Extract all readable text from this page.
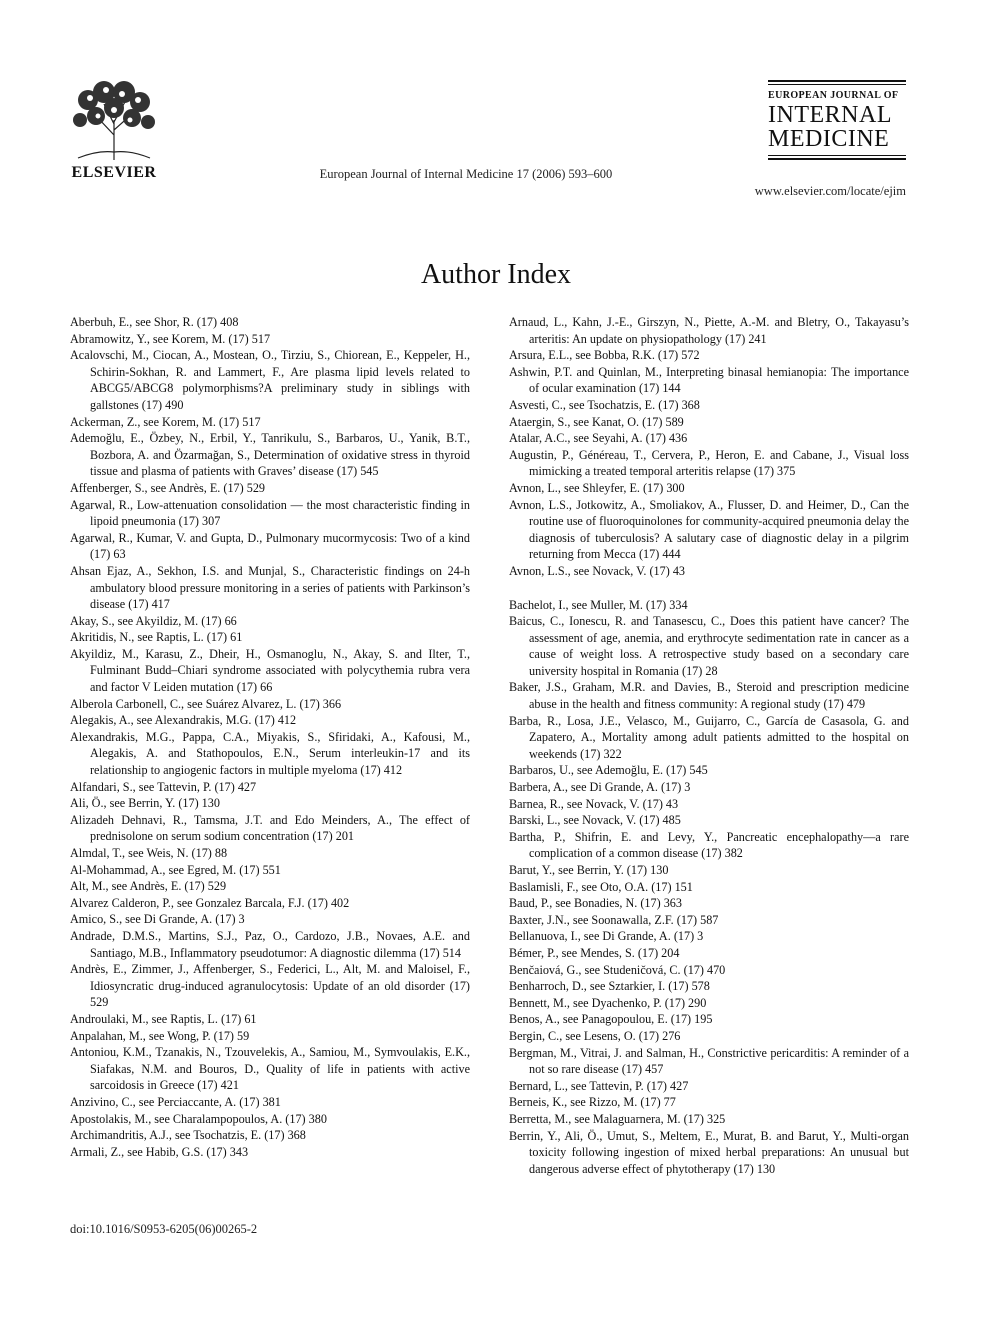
ELSEVIER	European Journal of Internal Medicine 17 (2006) 593–600
EUROPEAN JOURNAL OF
INTERNAL
MEDICINE
www.elsevier.com/locate/ejim
Author Index

Aberbuh, E., see Shor, R. (17) 408

Abramowitz, Y., see Korem, M. (17) 517

Acalovschi, M., Ciocan, A., Mostean, O., Tirziu, S., Chiorean, E., Keppeler, H., Schirin-Sokhan, R. and Lammert, F., Are plasma lipid levels related to ABCG5/ABCG8 polymorphisms?A preliminary study in siblings with gallstones (17) 490

Ackerman, Z., see Korem, M. (17) 517

Ademoğlu, E., Özbey, N., Erbil, Y., Tanrikulu, S., Barbaros, U., Yanik, B.T., Bozbora, A. and Özarmağan, S., Determination of oxidative stress in thyroid tissue and plasma of patients with Graves’ disease (17) 545

Affenberger, S., see Andrès, E. (17) 529

Agarwal, R., Low-attenuation consolidation — the most characteristic finding in lipoid pneumonia (17) 307

Agarwal, R., Kumar, V. and Gupta, D., Pulmonary mucormycosis: Two of a kind (17) 63

Ahsan Ejaz, A., Sekhon, I.S. and Munjal, S., Characteristic findings on 24-h ambulatory blood pressure monitoring in a series of patients with Parkinson’s disease (17) 417

Akay, S., see Akyildiz, M. (17) 66

Akritidis, N., see Raptis, L. (17) 61

Akyildiz, M., Karasu, Z., Dheir, H., Osmanoglu, N., Akay, S. and Ilter, T., Fulminant Budd–Chiari syndrome associated with polycythemia rubra vera and factor V Leiden mutation (17) 66

Alberola Carbonell, C., see Suárez Alvarez, L. (17) 366

Alegakis, A., see Alexandrakis, M.G. (17) 412

Alexandrakis, M.G., Pappa, C.A., Miyakis, S., Sfiridaki, A., Kafousi, M., Alegakis, A. and Stathopoulos, E.N., Serum interleukin-17 and its relationship to angiogenic factors in multiple myeloma (17) 412

Alfandari, S., see Tattevin, P. (17) 427

Ali, Ö., see Berrin, Y. (17) 130

Alizadeh Dehnavi, R., Tamsma, J.T. and Edo Meinders, A., The effect of prednisolone on serum sodium concentration (17) 201

Almdal, T., see Weis, N. (17) 88

Al-Mohammad, A., see Egred, M. (17) 551

Alt, M., see Andrès, E. (17) 529

Alvarez Calderon, P., see Gonzalez Barcala, F.J. (17) 402

Amico, S., see Di Grande, A. (17) 3

Andrade, D.M.S., Martins, S.J., Paz, O., Cardozo, J.B., Novaes, A.E. and Santiago, M.B., Inflammatory pseudotumor: A diagnostic dilemma (17) 514

Andrès, E., Zimmer, J., Affenberger, S., Federici, L., Alt, M. and Maloisel, F., Idiosyncratic drug-induced agranulocytosis: Update of an old disorder (17) 529

Androulaki, M., see Raptis, L. (17) 61

Anpalahan, M., see Wong, P. (17) 59

Antoniou, K.M., Tzanakis, N., Tzouvelekis, A., Samiou, M., Symvoulakis, E.K., Siafakas, N.M. and Bouros, D., Quality of life in patients with active sarcoidosis in Greece (17) 421

Anzivino, C., see Perciaccante, A. (17) 381

Apostolakis, M., see Charalampopoulos, A. (17) 380

Archimandritis, A.J., see Tsochatzis, E. (17) 368

Armali, Z., see Habib, G.S. (17) 343

Arnaud, L., Kahn, J.-E., Girszyn, N., Piette, A.-M. and Bletry, O., Takayasu’s arteritis: An update on physiopathology (17) 241

Arsura, E.L., see Bobba, R.K. (17) 572

Ashwin, P.T. and Quinlan, M., Interpreting binasal hemianopia: The importance of ocular examination (17) 144

Asvesti, C., see Tsochatzis, E. (17) 368

Ataergin, S., see Kanat, O. (17) 589

Atalar, A.C., see Seyahi, A. (17) 436

Augustin, P., Généreau, T., Cervera, P., Heron, E. and Cabane, J., Visual loss mimicking a treated temporal arteritis relapse (17) 375

Avnon, L., see Shleyfer, E. (17) 300

Avnon, L.S., Jotkowitz, A., Smoliakov, A., Flusser, D. and Heimer, D., Can the routine use of fluoroquinolones for community-acquired pneumonia delay the diagnosis of tuberculosis? A salutary case of diagnostic delay in a pilgrim returning from Mecca (17) 444

Avnon, L.S., see Novack, V. (17) 43

Bachelot, I., see Muller, M. (17) 334

Baicus, C., Ionescu, R. and Tanasescu, C., Does this patient have cancer? The assessment of age, anemia, and erythrocyte sedimentation rate in cancer as a cause of weight loss. A retrospective study based on a secondary care university hospital in Romania (17) 28

Baker, J.S., Graham, M.R. and Davies, B., Steroid and prescription medicine abuse in the health and fitness community: A regional study (17) 479

Barba, R., Losa, J.E., Velasco, M., Guijarro, C., García de Casasola, G. and Zapatero, A., Mortality among adult patients admitted to the hospital on weekends (17) 322

Barbaros, U., see Ademoğlu, E. (17) 545

Barbera, A., see Di Grande, A. (17) 3

Barnea, R., see Novack, V. (17) 43

Barski, L., see Novack, V. (17) 485

Bartha, P., Shifrin, E. and Levy, Y., Pancreatic encephalopathy—a rare complication of a common disease (17) 382

Barut, Y., see Berrin, Y. (17) 130

Baslamisli, F., see Oto, O.A. (17) 151

Baud, P., see Bonadies, N. (17) 363

Baxter, J.N., see Soonawalla, Z.F. (17) 587

Bellanuova, I., see Di Grande, A. (17) 3

Bémer, P., see Mendes, S. (17) 204

Benčaiová, G., see Studeničová, C. (17) 470

Benharroch, D., see Sztarkier, I. (17) 578

Bennett, M., see Dyachenko, P. (17) 290

Benos, A., see Panagopoulou, E. (17) 195

Bergin, C., see Lesens, O. (17) 276

Bergman, M., Vitrai, J. and Salman, H., Constrictive pericarditis: A reminder of a not so rare disease (17) 457

Bernard, L., see Tattevin, P. (17) 427

Berneis, K., see Rizzo, M. (17) 77

Berretta, M., see Malaguarnera, M. (17) 325

Berrin, Y., Ali, Ö., Umut, S., Meltem, E., Murat, B. and Barut, Y., Multi-organ toxicity following ingestion of mixed herbal preparations: An unusual but dangerous adverse effect of phytotherapy (17) 130

doi:10.1016/S0953-6205(06)00265-2
